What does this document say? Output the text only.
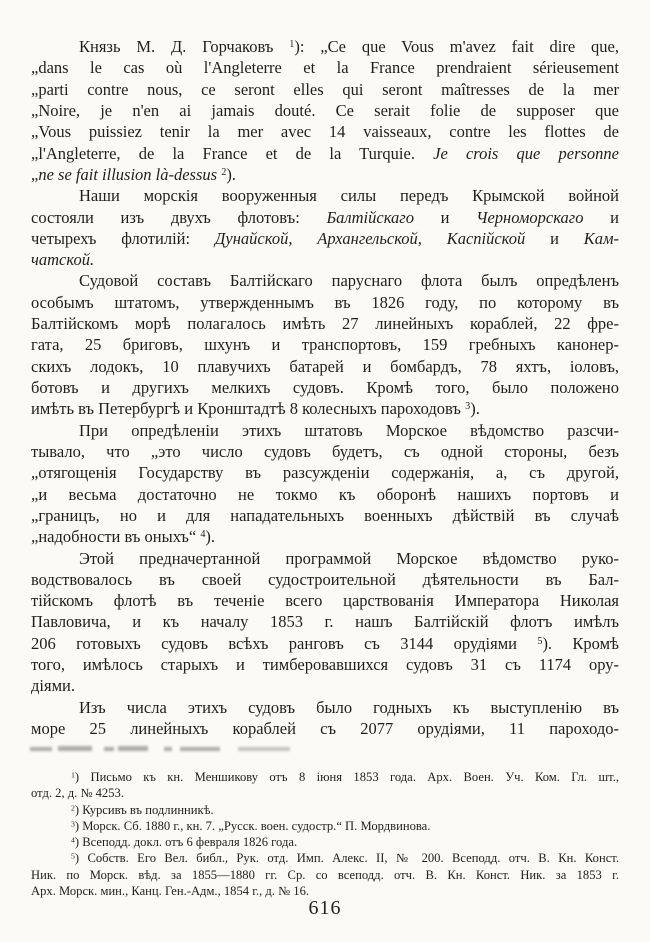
Князь М. Д. Горчаковъ $^1$): „Ce que Vous m'avez fait dire que,
„dans le cas où l'Angleterre et la France prendraient sérieusement
„parti contre nous, ce seront elles qui seront maîtresses de la mer
„Noire, je n'en ai jamais douté. Ce serait folie de supposer que
„Vous puissiez tenir la mer avec 14 vaisseaux, contre les flottes de
„l'Angleterre, de la France et de la Turquie. Je crois que personne
„ne se fait illusion là-dessus $^2$).
Наши морскія вооруженныя силы передъ Крымской войной
состояли изъ двухъ флотовъ: Балтійскаго и Черноморскаго и
четырехъ флотилій: Дунайской, Архангельской, Каспійской и Кам-
чатской.
Судовой составъ Балтійскаго паруснаго флота былъ опредѣленъ
особымъ штатомъ, утвержденнымъ въ 1826 году, по которому въ
Балтійскомъ морѣ полагалось имѣть 27 линейныхъ кораблей, 22 фре-
гата, 25 бриговъ, шхунъ и транспортовъ, 159 гребныхъ канонер-
скихъ лодокъ, 10 плавучихъ батарей и бомбардъ, 78 яхтъ, іоловъ,
ботовъ и другихъ мелкихъ судовъ. Кромѣ того, было положено
имѣть въ Петербургѣ и Кронштадтѣ 8 колесныхъ пароходовъ $^3$).
При опредѣленіи этихъ штатовъ Морское вѣдомство разсчи-
тывало, что „это число судовъ будетъ, съ одной стороны, безъ
„отягощенія Государству въ разсужденіи содержанія, а, съ другой,
„и весьма достаточно не токмо къ оборонѣ нашихъ портовъ и
„границъ, но и для нападательныхъ военныхъ дѣйствій въ случаѣ
„надобности въ оныхъ“ $^4$).
Этой предначертанной программой Морское вѣдомство руко-
водствовалось въ своей судостроительной дѣятельности въ Бал-
тійскомъ флотѣ въ теченіе всего царствованія Императора Николая
Павловича, и къ началу 1853 г. нашъ Балтійскій флотъ имѣлъ
206 готовыхъ судовъ всѣхъ ранговъ съ 3144 орудіями $^5$). Кромѣ
того, имѣлось старыхъ и тимберовавшихся судовъ 31 съ 1174 ору-
діями.
Изъ числа этихъ судовъ было годныхъ къ выступленію въ
море 25 линейныхъ кораблей съ 2077 орудіями, 11 пароходо-
$^1$) Письмо къ кн. Меншикову отъ 8 іюня 1853 года. Арх. Воен. Уч. Ком. Гл. шт.,
отд. 2, д. № 4253.
$^2$) Курсивъ въ подлинникѣ.
$^3$) Морск. Сб. 1880 г., кн. 7. „Русск. воен. судостр.“ П. Мордвинова.
$^4$) Всеподд. докл. отъ 6 февраля 1826 года.
$^5$) Собств. Его Вел. библ., Рук. отд. Имп. Алекс. II, № 200. Всеподд. отч. В. Кн. Конст.
Ник. по Морск. вѣд. за 1855—1880 гг. Ср. со всеподд. отч. В. Кн. Конст. Ник. за 1853 г.
Арх. Морск. мин., Канц. Ген.-Адм., 1854 г., д. № 16.
616
